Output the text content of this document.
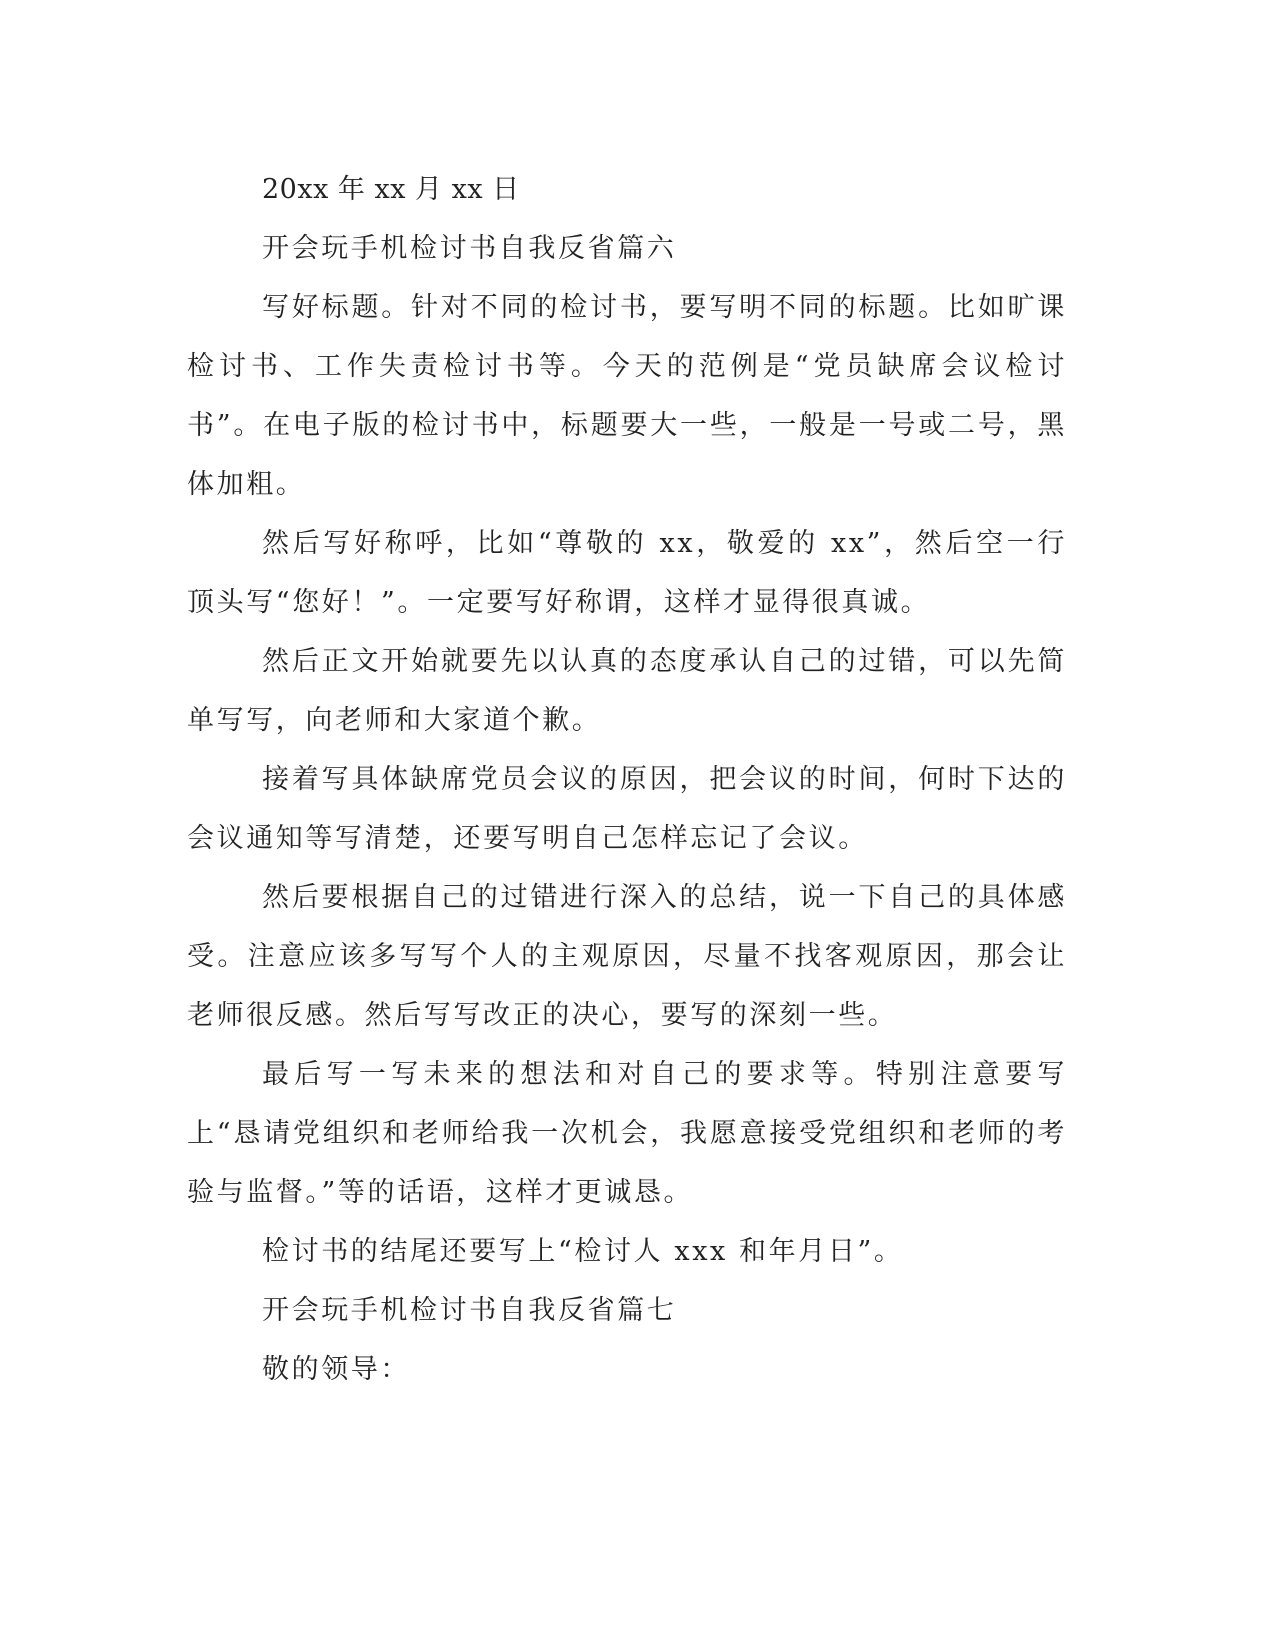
20xx 年 xx 月 xx 日

开会玩手机检讨书自我反省篇六

写好标题。针对不同的检讨书，要写明不同的标题。比如旷课检讨书、工作失责检讨书等。今天的范例是“党员缺席会议检讨书”。在电子版的检讨书中，标题要大一些，一般是一号或二号，黑体加粗。

然后写好称呼，比如“尊敬的 xx，敬爱的 xx”，然后空一行顶头写“您好！”。一定要写好称谓，这样才显得很真诚。

然后正文开始就要先以认真的态度承认自己的过错，可以先简单写写，向老师和大家道个歉。

接着写具体缺席党员会议的原因，把会议的时间，何时下达的会议通知等写清楚，还要写明自己怎样忘记了会议。

然后要根据自己的过错进行深入的总结，说一下自己的具体感受。注意应该多写写个人的主观原因，尽量不找客观原因，那会让老师很反感。然后写写改正的决心，要写的深刻一些。

最后写一写未来的想法和对自己的要求等。特别注意要写上“恳请党组织和老师给我一次机会，我愿意接受党组织和老师的考验与监督。”等的话语，这样才更诚恳。

检讨书的结尾还要写上“检讨人 xxx 和年月日”。

开会玩手机检讨书自我反省篇七

敬的领导：
